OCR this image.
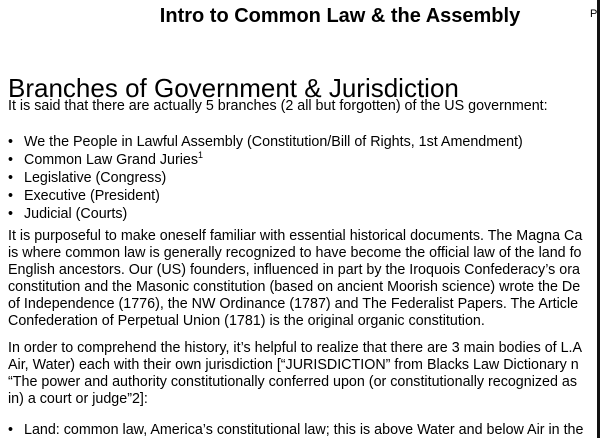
Intro to Common Law & the Assembly	P
Branches of Government & Jurisdiction

It is said that there are actually 5 branches (2 all but forgotten) of the US government:

• We the People in Lawful Assembly (Constitution/Bill of Rights, 1st Amendment)
• Common Law Grand Juries$^1$
• Legislative (Congress)
• Executive (President)
• Judicial (Courts)
It is purposeful to make oneself familiar with essential historical documents. The Magna Ca
is where common law is generally recognized to have become the official law of the land fo
English ancestors. Our (US) founders, influenced in part by the Iroquois Confederacy’s ora
constitution and the Masonic constitution (based on ancient Moorish science) wrote the De
of Independence (1776), the NW Ordinance (1787) and The Federalist Papers. The Article
Confederation of Perpetual Union (1781) is the original organic constitution.
In order to comprehend the history, it’s helpful to realize that there are 3 main bodies of L.A
Air, Water) each with their own jurisdiction [“JURISDICTION” from Blacks Law Dictionary n
“The power and authority constitutionally conferred upon (or constitutionally recognized as
in) a court or judge”2]:
• Land: common law, America’s constitutional law; this is above Water and below Air in the
